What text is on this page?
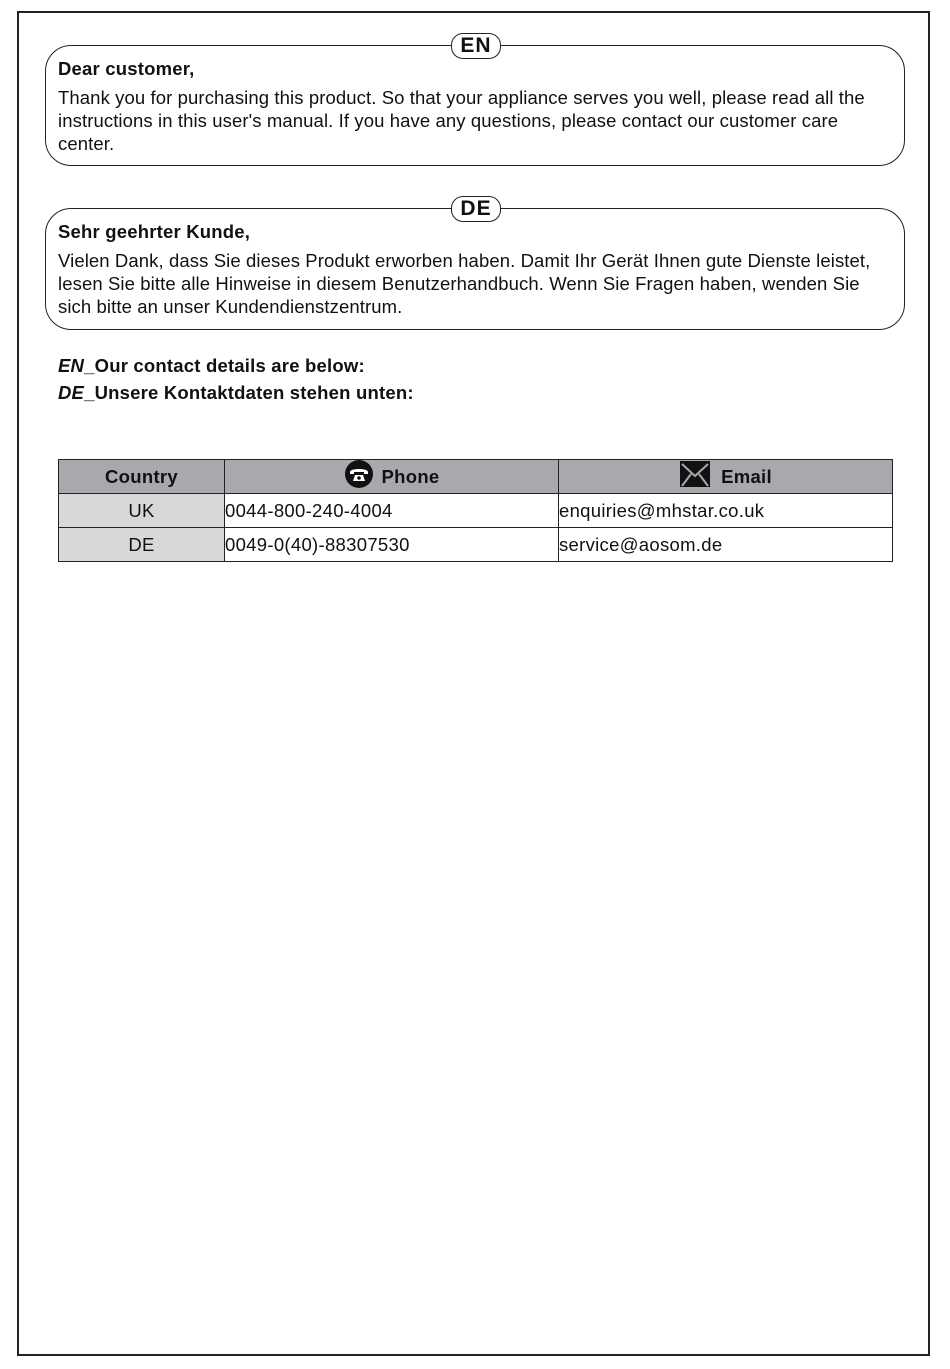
EN

Dear customer,

Thank you for purchasing this product. So that your appliance serves you well, please read all the instructions in this user's manual. If you have any questions, please contact our customer care center.

DE

Sehr geehrter Kunde,

Vielen Dank, dass Sie dieses Produkt erworben haben. Damit Ihr Gerät Ihnen gute Dienste leistet, lesen Sie bitte alle Hinweise in diesem Benutzerhandbuch. Wenn Sie Fragen haben, wenden Sie sich bitte an unser Kundendienstzentrum.

EN_Our contact details are below:
DE_Unsere Kontaktdaten stehen unten:
Country	Phone	Email

UK	0044-800-240-4004	enquiries@mhstar.co.uk
DE	0049-0(40)-88307530	service@aosom.de
